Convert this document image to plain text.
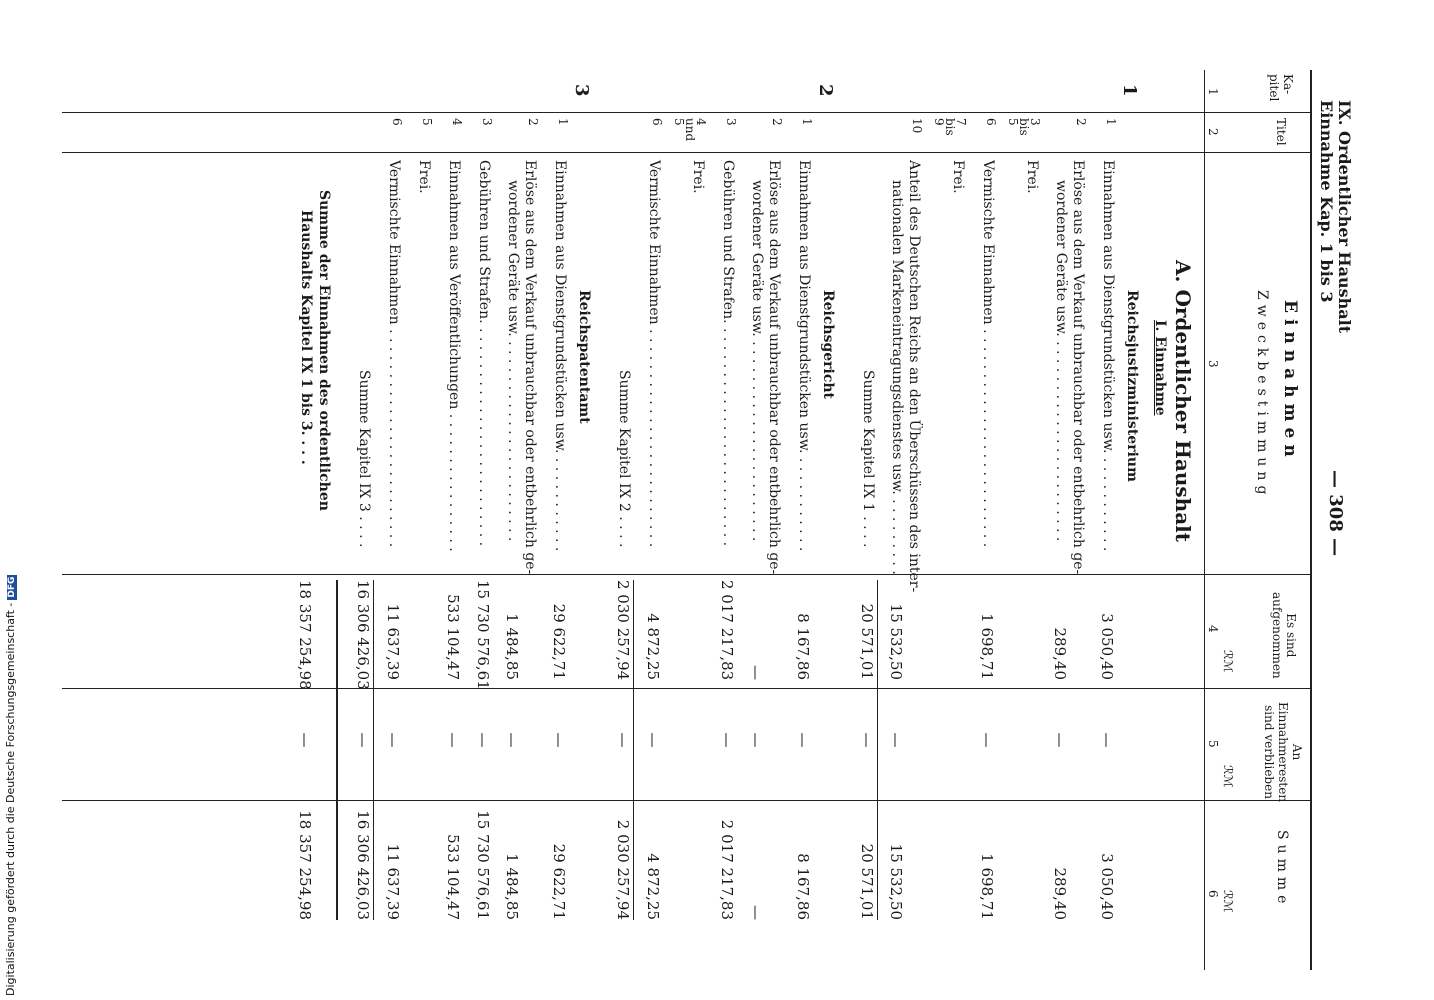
IX. Ordentlicher Haushalt
Einnahme Kap. 1 bis 3
— 308 —
Ka-
pitel
Titel
Einnahmen
Zweckbestimmung
Es sind
aufgenommen
An
Einnahmeresten
sind verblieben
Summe
ℛℳ
ℛℳ
ℛℳ
1
2
3
4
5
6
A. Ordentlicher Haushalt
I. Einnahme
1
Reichsjustizministerium
1
Einnahmen aus Dienstgrundstücken usw. . . . . . . . . . . .
3 050,40
—
3 050,40
2
Erlöse aus dem Verkauf unbrauchbar oder entbehrlich ge-
wordener Geräte usw. . . . . . . . . . . . . . . . . . . . . . . .
289,40
—
289,40
3
bis
5
Frei.
6
Vermischte Einnahmen . . . . . . . . . . . . . . . . . . . . . . . . .
1 698,71
—
1 698,71
7
bis
9
Frei.
10
Anteil des Deutschen Reichs an den Überschüssen des inter-
nationalen Markeneintragungsdienstes usw. . . . . . . . . .
15 532,50
—
15 532,50
Summe Kapitel IX 1 . . . .
20 571,01
—
20 571,01
2
Reichsgericht
1
Einnahmen aus Dienstgrundstücken usw. . . . . . . . . . . .
8 167,86
—
8 167,86
2
Erlöse aus dem Verkauf unbrauchbar oder entbehrlich ge-
wordener Geräte usw. . . . . . . . . . . . . . . . . . . . . . . .
—
—
—
3
Gebühren und Strafen. . . . . . . . . . . . . . . . . . . . . . . . . .
2 017 217,83
—
2 017 217,83
4
und
5
Frei.
6
Vermischte Einnahmen . . . . . . . . . . . . . . . . . . . . . . . . .
4 872,25
—
4 872,25
Summe Kapitel IX 2 . . . .
2 030 257,94
—
2 030 257,94
3
Reichspatentamt
1
Einnahmen aus Dienstgrundstücken usw. . . . . . . . . . . .
29 622,71
—
29 622,71
2
Erlöse aus dem Verkauf unbrauchbar oder entbehrlich ge-
wordener Geräte usw. . . . . . . . . . . . . . . . . . . . . . . .
1 484,85
—
1 484,85
3
Gebühren und Strafen. . . . . . . . . . . . . . . . . . . . . . . . . .
15 730 576,61
—
15 730 576,61
4
Einnahmen aus Veröffentlichungen . . . . . . . . . . . . . . . .
533 104,47
—
533 104,47
5
Frei.
6
Vermischte Einnahmen . . . . . . . . . . . . . . . . . . . . . . . . .
11 637,39
—
11 637,39
Summe Kapitel IX 3 . . . .
16 306 426,03
—
16 306 426,03
Summe der Einnahmen des ordentlichen
Haushalts Kapitel IX 1 bis 3. . . .
18 357 254,98
—
18 357 254,98
Digitalisierung gefördert durch die Deutsche Forschungsgemeinschaft -DFG
